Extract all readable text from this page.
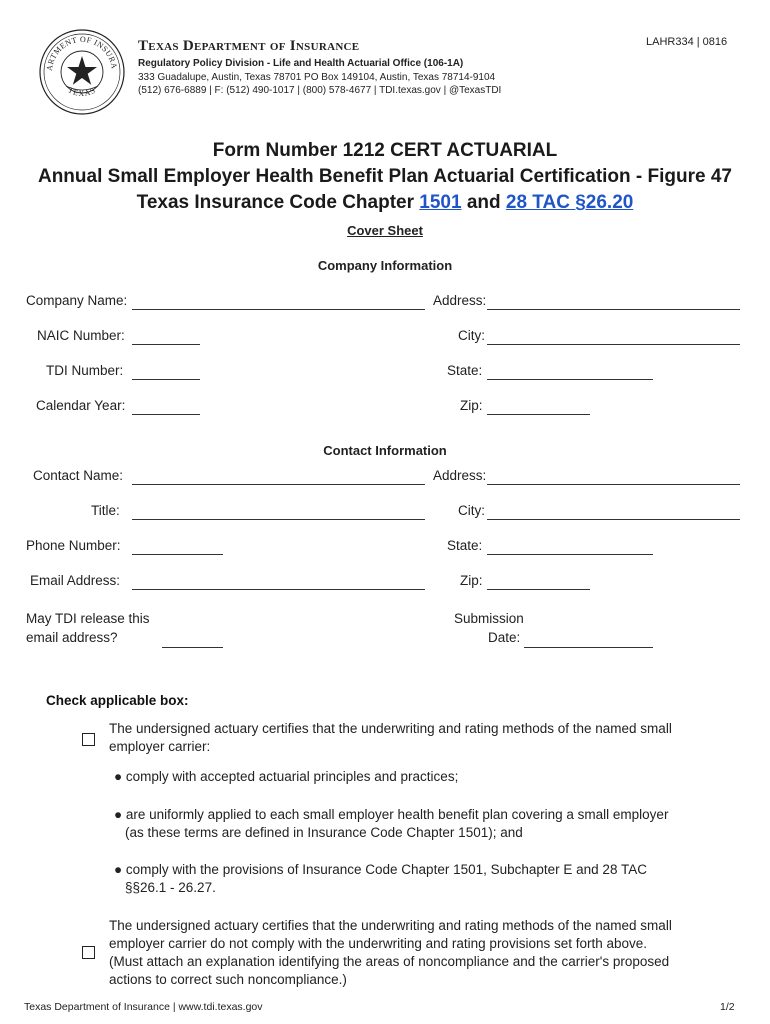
ARTMENT OF INSURA
TEXAS
Texas Department of Insurance
Regulatory Policy Division - Life and Health Actuarial Office (106-1A)
333 Guadalupe, Austin, Texas 78701 PO Box 149104, Austin, Texas 78714-9104
(512) 676-6889 | F: (512) 490-1017 | (800) 578-4677 | TDI.texas.gov | @TexasTDI
LAHR334 | 0816
Form Number 1212 CERT ACTUARIAL
Annual Small Employer Health Benefit Plan Actuarial Certification - Figure 47
Texas Insurance Code Chapter 1501 and 28 TAC §26.20
Cover Sheet
Company Information
Company Name:	Address:
NAIC Number:	City:
TDI Number:	State:
Calendar Year:	Zip:
Contact Information
Contact Name:	Address:
Title:	City:
Phone Number:	State:
Email Address:	Zip:
May TDI release this
email address?
Submission
Date:
Check applicable box:
The undersigned actuary certifies that the underwriting and rating methods of the named small
employer carrier:
● comply with accepted actuarial principles and practices;
● are uniformly applied to each small employer health benefit plan covering a small employer
(as these terms are defined in Insurance Code Chapter 1501); and
● comply with the provisions of Insurance Code Chapter 1501, Subchapter E and 28 TAC
§§26.1 - 26.27.
The undersigned actuary certifies that the underwriting and rating methods of the named small
employer carrier do not comply with the underwriting and rating provisions set forth above.
(Must attach an explanation identifying the areas of noncompliance and the carrier's proposed
actions to correct such noncompliance.)
Texas Department of Insurance | www.tdi.texas.gov	1/2
